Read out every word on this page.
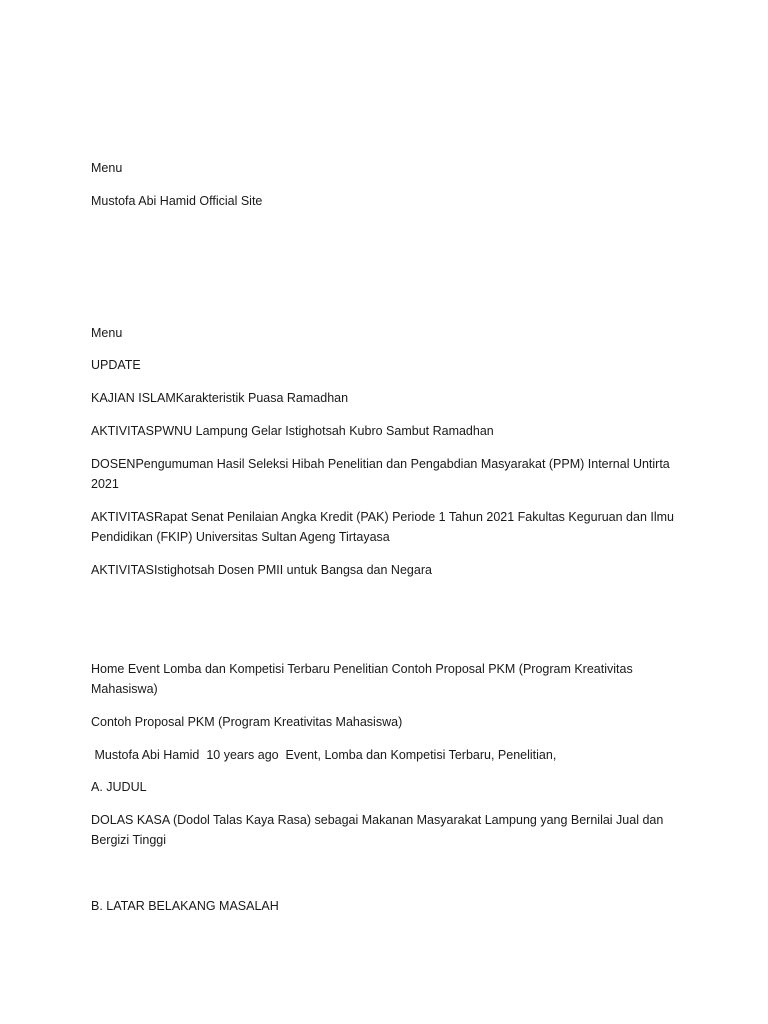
Menu
Mustofa Abi Hamid Official Site
Menu
UPDATE
KAJIAN ISLAMKarakteristik Puasa Ramadhan
AKTIVITASPWNU Lampung Gelar Istighotsah Kubro Sambut Ramadhan
DOSENPengumuman Hasil Seleksi Hibah Penelitian dan Pengabdian Masyarakat (PPM) Internal Untirta 2021
AKTIVITASRapat Senat Penilaian Angka Kredit (PAK) Periode 1 Tahun 2021 Fakultas Keguruan dan Ilmu Pendidikan (FKIP) Universitas Sultan Ageng Tirtayasa
AKTIVITASIstighotsah Dosen PMII untuk Bangsa dan Negara
Home Event Lomba dan Kompetisi Terbaru Penelitian Contoh Proposal PKM (Program Kreativitas Mahasiswa)
Contoh Proposal PKM (Program Kreativitas Mahasiswa)
Mustofa Abi Hamid  10 years ago  Event, Lomba dan Kompetisi Terbaru, Penelitian,
A. JUDUL
DOLAS KASA (Dodol Talas Kaya Rasa) sebagai Makanan Masyarakat Lampung yang Bernilai Jual dan Bergizi Tinggi
B. LATAR BELAKANG MASALAH
